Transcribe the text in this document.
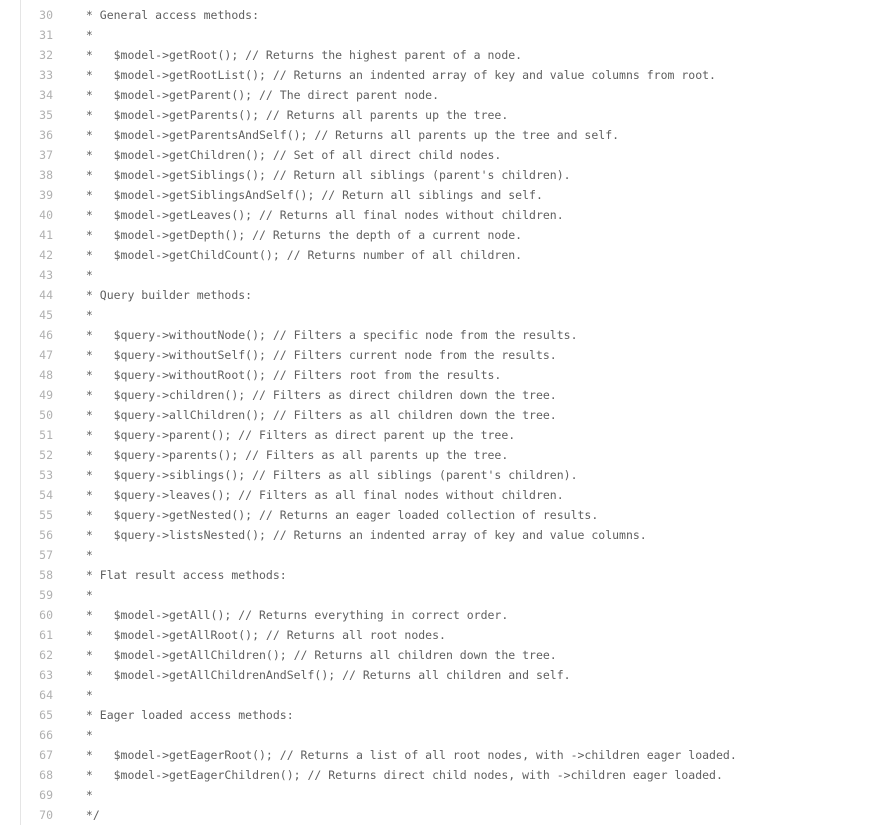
30	* General access methods:
31	*
32	*   $model->getRoot(); // Returns the highest parent of a node.
33	*   $model->getRootList(); // Returns an indented array of key and value columns from root.
34	*   $model->getParent(); // The direct parent node.
35	*   $model->getParents(); // Returns all parents up the tree.
36	*   $model->getParentsAndSelf(); // Returns all parents up the tree and self.
37	*   $model->getChildren(); // Set of all direct child nodes.
38	*   $model->getSiblings(); // Return all siblings (parent's children).
39	*   $model->getSiblingsAndSelf(); // Return all siblings and self.
40	*   $model->getLeaves(); // Returns all final nodes without children.
41	*   $model->getDepth(); // Returns the depth of a current node.
42	*   $model->getChildCount(); // Returns number of all children.
43	*
44	* Query builder methods:
45	*
46	*   $query->withoutNode(); // Filters a specific node from the results.
47	*   $query->withoutSelf(); // Filters current node from the results.
48	*   $query->withoutRoot(); // Filters root from the results.
49	*   $query->children(); // Filters as direct children down the tree.
50	*   $query->allChildren(); // Filters as all children down the tree.
51	*   $query->parent(); // Filters as direct parent up the tree.
52	*   $query->parents(); // Filters as all parents up the tree.
53	*   $query->siblings(); // Filters as all siblings (parent's children).
54	*   $query->leaves(); // Filters as all final nodes without children.
55	*   $query->getNested(); // Returns an eager loaded collection of results.
56	*   $query->listsNested(); // Returns an indented array of key and value columns.
57	*
58	* Flat result access methods:
59	*
60	*   $model->getAll(); // Returns everything in correct order.
61	*   $model->getAllRoot(); // Returns all root nodes.
62	*   $model->getAllChildren(); // Returns all children down the tree.
63	*   $model->getAllChildrenAndSelf(); // Returns all children and self.
64	*
65	* Eager loaded access methods:
66	*
67	*   $model->getEagerRoot(); // Returns a list of all root nodes, with ->children eager loaded.
68	*   $model->getEagerChildren(); // Returns direct child nodes, with ->children eager loaded.
69	*
70	*/
